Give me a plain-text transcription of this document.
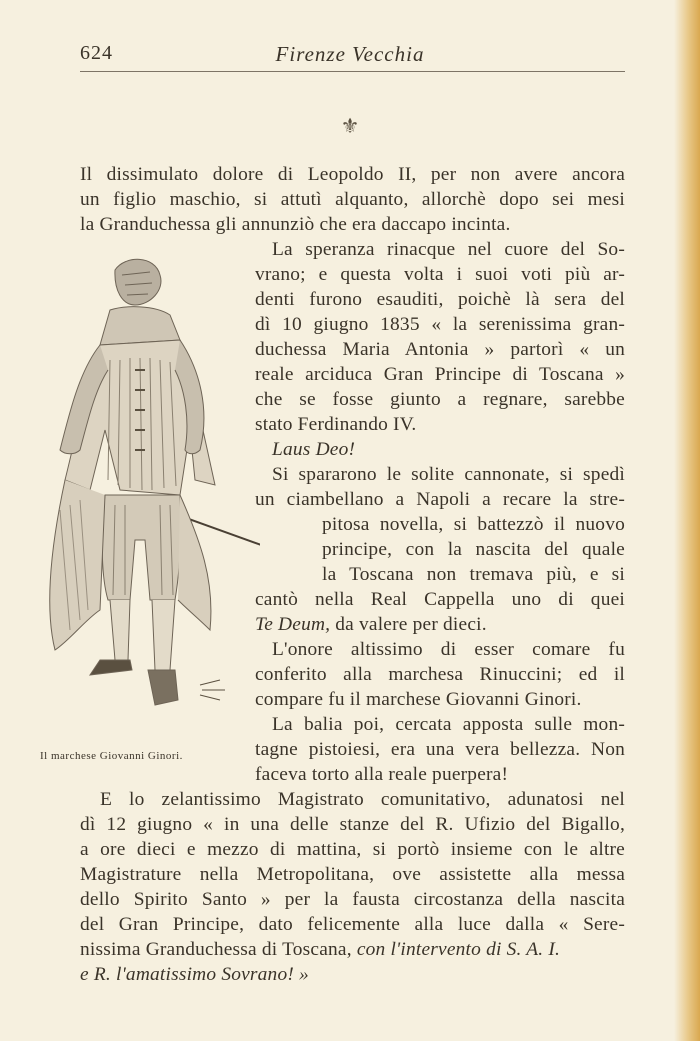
624	Firenze Vecchia
⚜
Il dissimulato dolore di Leopoldo II, per non avere ancora
un figlio maschio, si attutì alquanto, allorchè dopo sei mesi
la Granduchessa gli annunziò che era daccapo incinta.
La speranza rinacque nel cuore del So-
vrano; e questa volta i suoi voti più ar-
denti furono esauditi, poichè là sera del
dì 10 giugno 1835 « la serenissima gran-
duchessa Maria Antonia » partorì « un
reale arciduca Gran Principe di Toscana »
che se fosse giunto a regnare, sarebbe
stato Ferdinando IV.
Laus Deo!
Si spararono le solite cannonate, si spedì
un ciambellano a Napoli a recare la stre-
pitosa novella, si battezzò il nuovo
principe, con la nascita del quale
la Toscana non tremava più, e si
cantò nella Real Cappella uno di quei
Te Deum, da valere per dieci.
L'onore altissimo di esser comare fu
conferito alla marchesa Rinuccini; ed il
compare fu il marchese Giovanni Ginori.
La balia poi, cercata apposta sulle mon-
tagne pistoiesi, era una vera bellezza. Non
faceva torto alla reale puerpera!
E lo zelantissimo Magistrato comunitativo, adunatosi nel
dì 12 giugno « in una delle stanze del R. Ufizio del Bigallo,
a ore dieci e mezzo di mattina, si portò insieme con le altre
Magistrature nella Metropolitana, ove assistette alla messa
dello Spirito Santo » per la fausta circostanza della nascita
del Gran Principe, dato felicemente alla luce dalla « Sere-
nissima Granduchessa di Toscana, con l'intervento di S. A. I.
e R. l'amatissimo Sovrano! »
Il marchese Giovanni Ginori.
